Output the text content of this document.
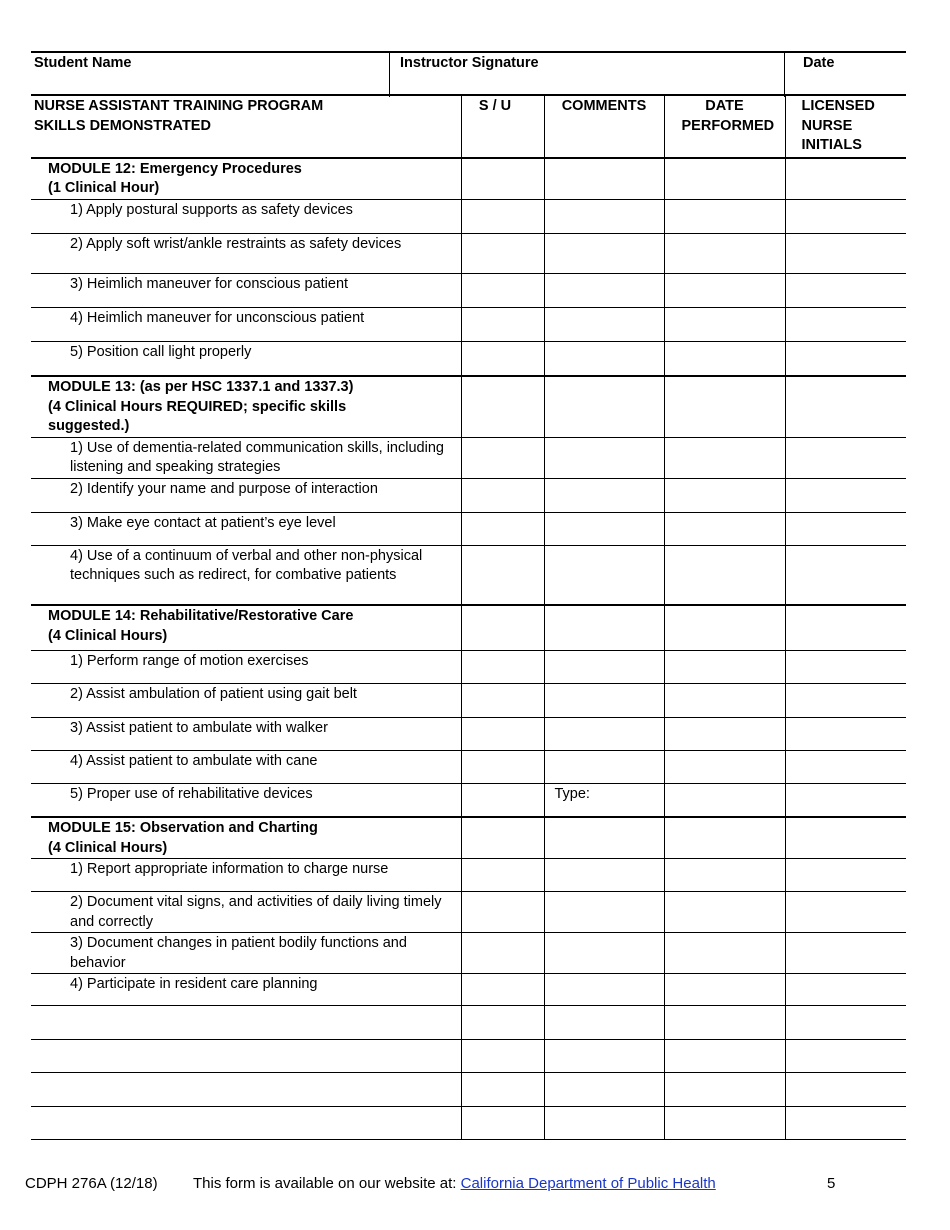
Student Name	Instructor Signature	Date
NURSE ASSISTANT TRAINING PROGRAM SKILLS DEMONSTRATED	S / U	COMMENTS	DATE PERFORMED	LICENSED NURSE INITIALS

MODULE 12: Emergency Procedures
(1 Clinical Hour)				
1) Apply postural supports as safety devices				
2) Apply soft wrist/ankle restraints as safety devices				
3) Heimlich maneuver for conscious patient				
4) Heimlich maneuver for unconscious patient				
5) Position call light properly				
MODULE 13: (as per HSC 1337.1 and 1337.3)
(4 Clinical Hours REQUIRED; specific skills
suggested.)				
1) Use of dementia-related communication skills, including listening and speaking strategies				
2) Identify your name and purpose of interaction				
3) Make eye contact at patient’s eye level				
4) Use of a continuum of verbal and other non-physical techniques such as redirect, for combative patients				
MODULE 14: Rehabilitative/Restorative Care
(4 Clinical Hours)				
1) Perform range of motion exercises				
2) Assist ambulation of patient using gait belt				
3) Assist patient to ambulate with walker				
4) Assist patient to ambulate with cane				
5) Proper use of rehabilitative devices		Type:		
MODULE 15: Observation and Charting
(4 Clinical Hours)				
1) Report appropriate information to charge nurse				
2) Document vital signs, and activities of daily living timely and correctly				
3) Document changes in patient bodily functions and behavior				
4) Participate in resident care planning				

CDPH 276A (12/18) This form is available on our website at: California Department of Public Health	5
